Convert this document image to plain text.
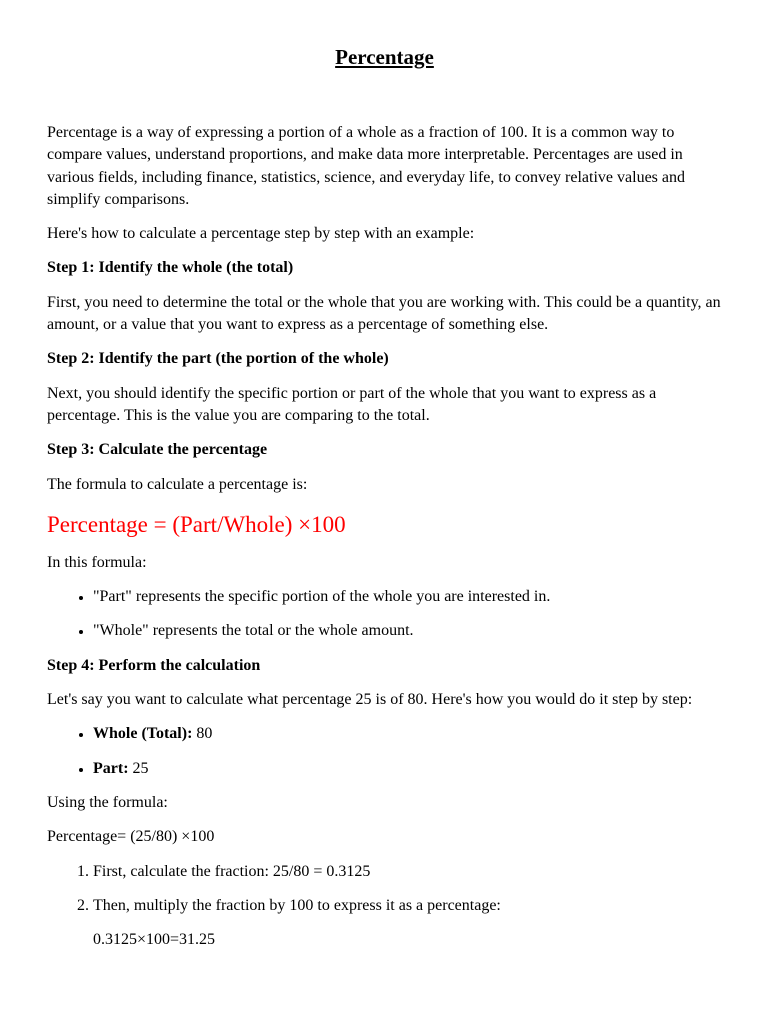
Percentage

Percentage is a way of expressing a portion of a whole as a fraction of 100. It is a common way to compare values, understand proportions, and make data more interpretable. Percentages are used in various fields, including finance, statistics, science, and everyday life, to convey relative values and simplify comparisons.

Here's how to calculate a percentage step by step with an example:

Step 1: Identify the whole (the total)

First, you need to determine the total or the whole that you are working with. This could be a quantity, an amount, or a value that you want to express as a percentage of something else.

Step 2: Identify the part (the portion of the whole)

Next, you should identify the specific portion or part of the whole that you want to express as a percentage. This is the value you are comparing to the total.

Step 3: Calculate the percentage

The formula to calculate a percentage is:

Percentage = (Part/Whole) ×100

In this formula:

• "Part" represents the specific portion of the whole you are interested in.
• "Whole" represents the total or the whole amount.
Step 4: Perform the calculation

Let's say you want to calculate what percentage 25 is of 80. Here's how you would do it step by step:

• Whole (Total): 80
• Part: 25

Using the formula:

Percentage= (25/80) ×100

1. First, calculate the fraction: 25/80 = 0.3125
2. Then, multiply the fraction by 100 to express it as a percentage:

0.3125×100=31.25
